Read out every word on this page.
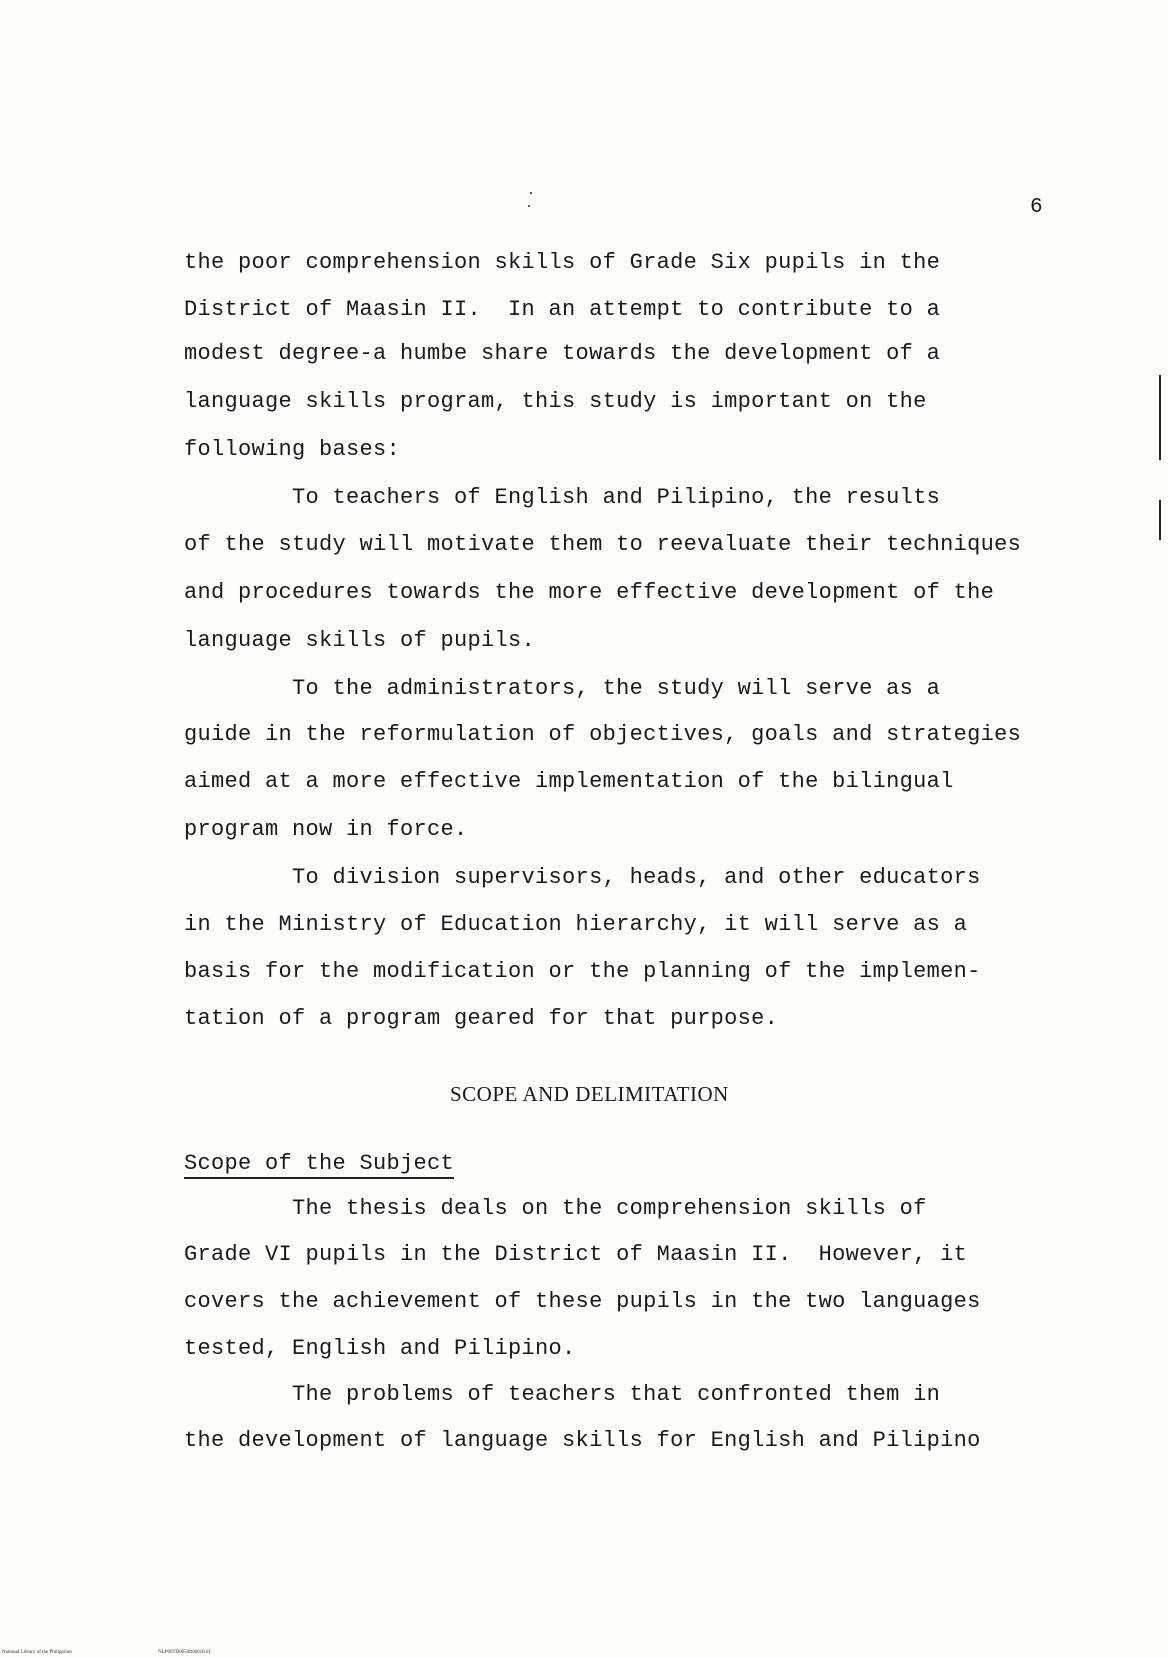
6
the poor comprehension skills of Grade Six pupils in the
District of Maasin II.  In an attempt to contribute to a
modest degree-a humbe share towards the development of a
language skills program, this study is important on the
following bases:
To teachers of English and Pilipino, the results
of the study will motivate them to reevaluate their techniques
and procedures towards the more effective development of the
language skills of pupils.
To the administrators, the study will serve as a
guide in the reformulation of objectives, goals and strategies
aimed at a more effective implementation of the bilingual
program now in force.
To division supervisors, heads, and other educators
in the Ministry of Education hierarchy, it will serve as a
basis for the modification or the planning of the implemen-
tation of a program geared for that purpose.
SCOPE AND DELIMITATION
Scope of the Subject
The thesis deals on the comprehension skills of
Grade VI pupils in the District of Maasin II.  However, it
covers the achievement of these pupils in the two languages
tested, English and Pilipino.
The problems of teachers that confronted them in
the development of language skills for English and Pilipino
National Library of the Philippines	NLP00TD0056ftd0018.tif
